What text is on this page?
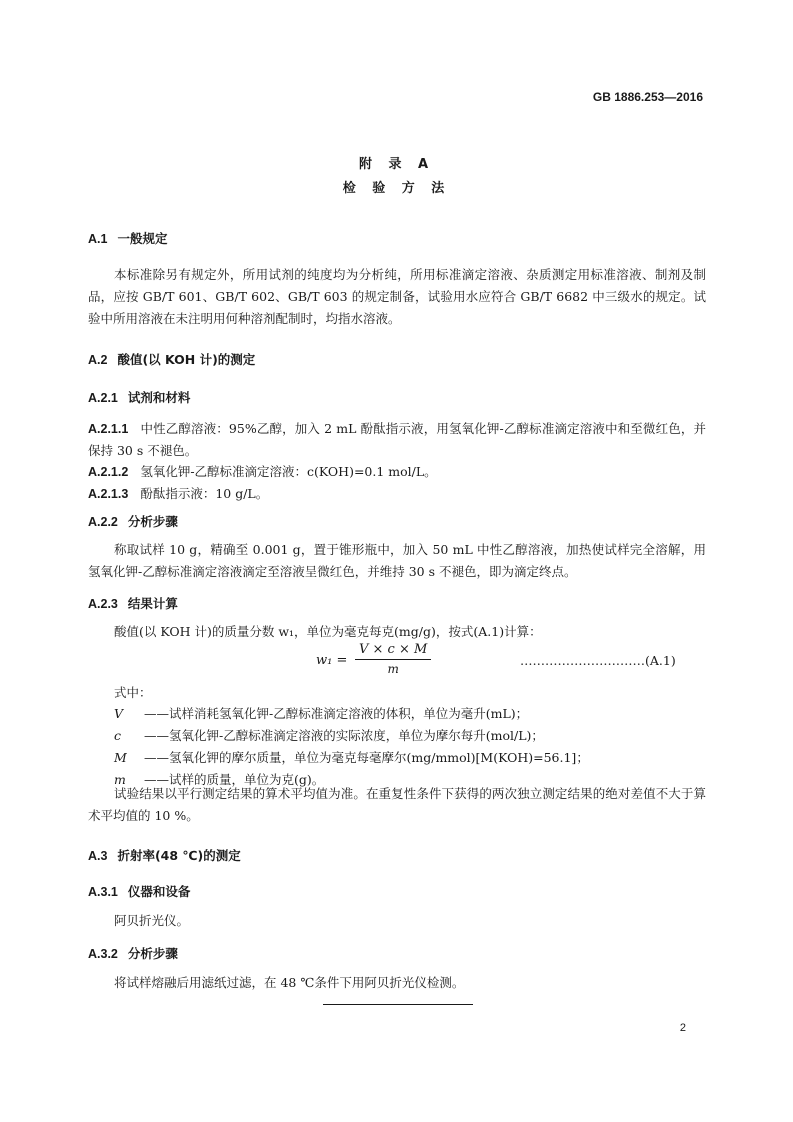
GB 1886.253—2016
附 录 A
检 验 方 法
A.1 一般规定
本标准除另有规定外，所用试剂的纯度均为分析纯，所用标准滴定溶液、杂质测定用标准溶液、制剂及制品，应按 GB/T 601、GB/T 602、GB/T 603 的规定制备，试验用水应符合 GB/T 6682 中三级水的规定。试验中所用溶液在未注明用何种溶剂配制时，均指水溶液。
A.2 酸值(以 KOH 计)的测定
A.2.1 试剂和材料
A.2.1.1 中性乙醇溶液：95%乙醇，加入 2 mL 酚酞指示液，用氢氧化钾-乙醇标准滴定溶液中和至微红色，并保持 30 s 不褪色。
A.2.1.2 氢氧化钾-乙醇标准滴定溶液：c(KOH)=0.1 mol/L。
A.2.1.3 酚酞指示液：10 g/L。
A.2.2 分析步骤
称取试样 10 g，精确至 0.001 g，置于锥形瓶中，加入 50 mL 中性乙醇溶液，加热使试样完全溶解，用氢氧化钾-乙醇标准滴定溶液滴定至溶液呈微红色，并维持 30 s 不褪色，即为滴定终点。
A.2.3 结果计算
酸值(以 KOH 计)的质量分数 w₁，单位为毫克每克(mg/g)，按式(A.1)计算：
w₁ =
V × c × M
m
…………………………(A.1)
式中：
V ——试样消耗氢氧化钾-乙醇标准滴定溶液的体积，单位为毫升(mL)；
c ——氢氧化钾-乙醇标准滴定溶液的实际浓度，单位为摩尔每升(mol/L)；
M ——氢氧化钾的摩尔质量，单位为毫克每毫摩尔(mg/mmol)[M(KOH)=56.1]；
m ——试样的质量，单位为克(g)。
试验结果以平行测定结果的算术平均值为准。在重复性条件下获得的两次独立测定结果的绝对差值不大于算术平均值的 10 %。
A.3 折射率(48 ℃)的测定
A.3.1 仪器和设备
阿贝折光仪。
A.3.2 分析步骤
将试样熔融后用滤纸过滤，在 48 ℃条件下用阿贝折光仪检测。
2
